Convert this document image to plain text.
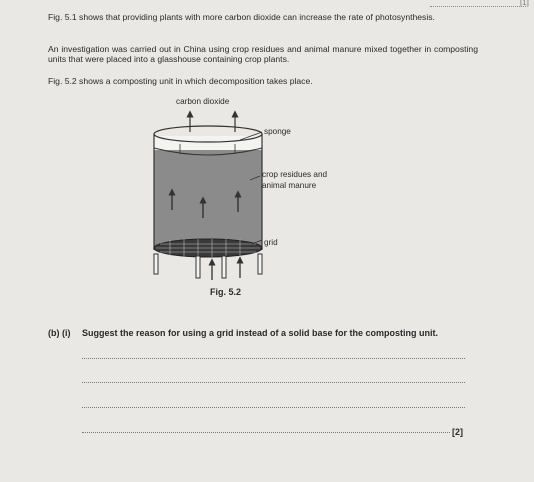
[1]

Fig. 5.1 shows that providing plants with more carbon dioxide can increase the rate of photosynthesis.

An investigation was carried out in China using crop residues and animal manure mixed together in composting units that were placed into a glasshouse containing crop plants.

Fig. 5.2 shows a composting unit in which decomposition takes place.

carbon dioxide
sponge
crop residues and
animal manure
grid
Fig. 5.2
(b) (i) Suggest the reason for using a grid instead of a solid base for the composting unit.
[2]
